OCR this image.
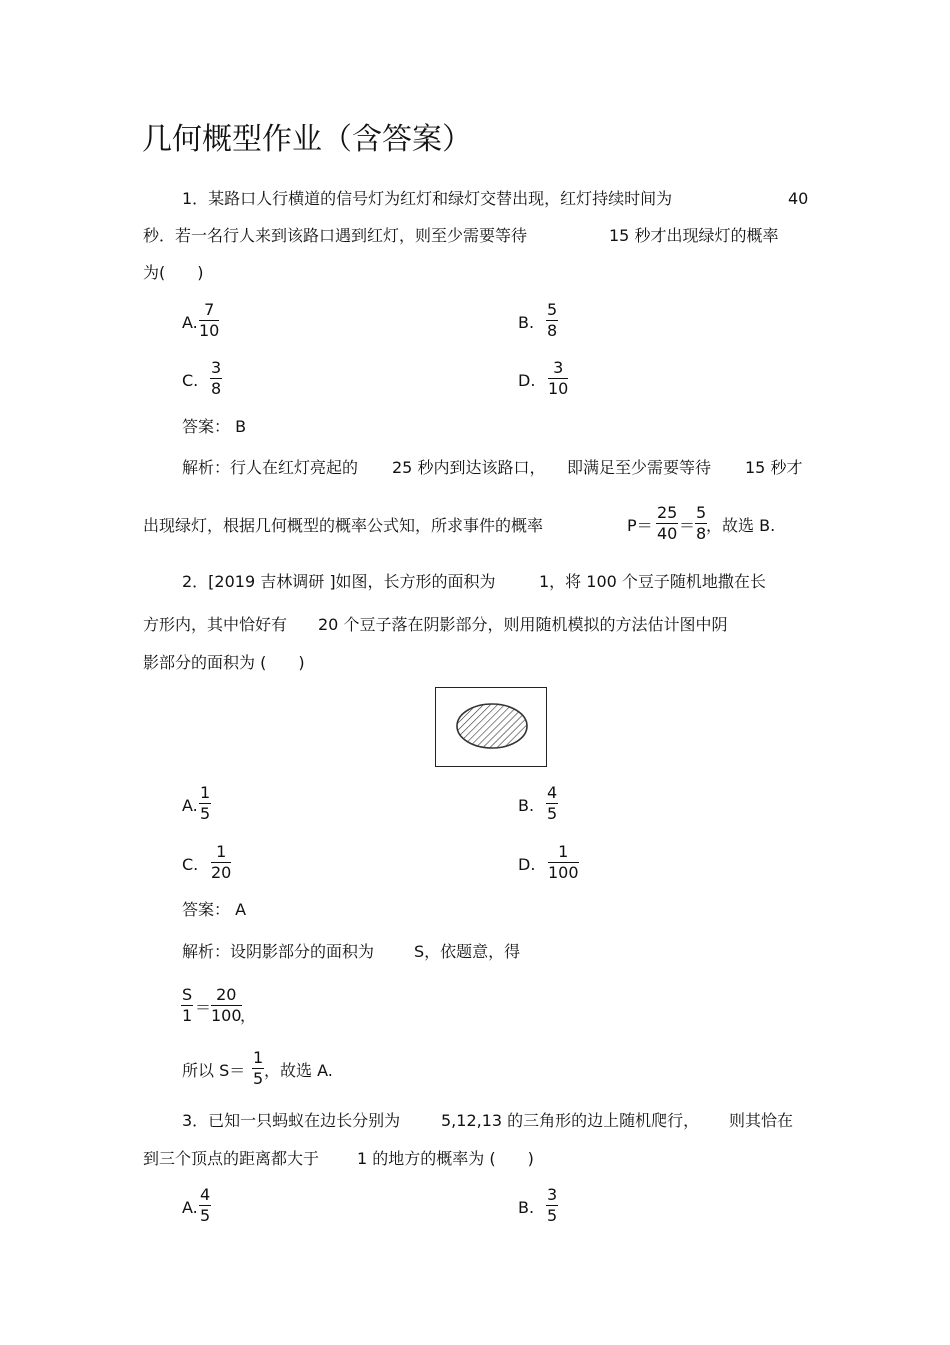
几何概型作业（含答案）
1．某路口人行横道的信号灯为红灯和绿灯交替出现，红灯持续时间为	40
秒．若一名行人来到该路口遇到红灯，则至少需要等待	15 秒才出现绿灯的概率
为(　　)
A. $\frac{7}{10}$	B. $\frac{5}{8}$
C. $\frac{3}{8}$	D. $\frac{3}{10}$
答案： B
解析：行人在红灯亮起的 25 秒内到达该路口， 即满足至少需要等待 15 秒才
出现绿灯，根据几何概型的概率公式知，所求事件的概率	$P= \frac{25}{40} = \frac{5}{8}$
，故选 B.
2．[2019 吉林调研 ]如图，长方形的面积为	1，将 100 个豆子随机地撒在长
方形内，其中恰好有 20 个豆子落在阴影部分，则用随机模拟的方法估计图中阴
影部分的面积为 (　　)
A. $\frac{1}{5}$	B. $\frac{4}{5}$
C. $\frac{1}{20}$	D. $\frac{1}{100}$
答案： A
解析：设阴影部分的面积为 S，依题意，得
$\frac{S}{1} = \frac{20}{100}$
，
所以 $S= \frac{1}{5}$ ，故选 A.
3．已知一只蚂蚁在边长分别为	5,12,13 的三角形的边上随机爬行， 则其恰在
到三个顶点的距离都大于 1 的地方的概率为 (　　)
A. $\frac{4}{5}$	B. $\frac{3}{5}$
